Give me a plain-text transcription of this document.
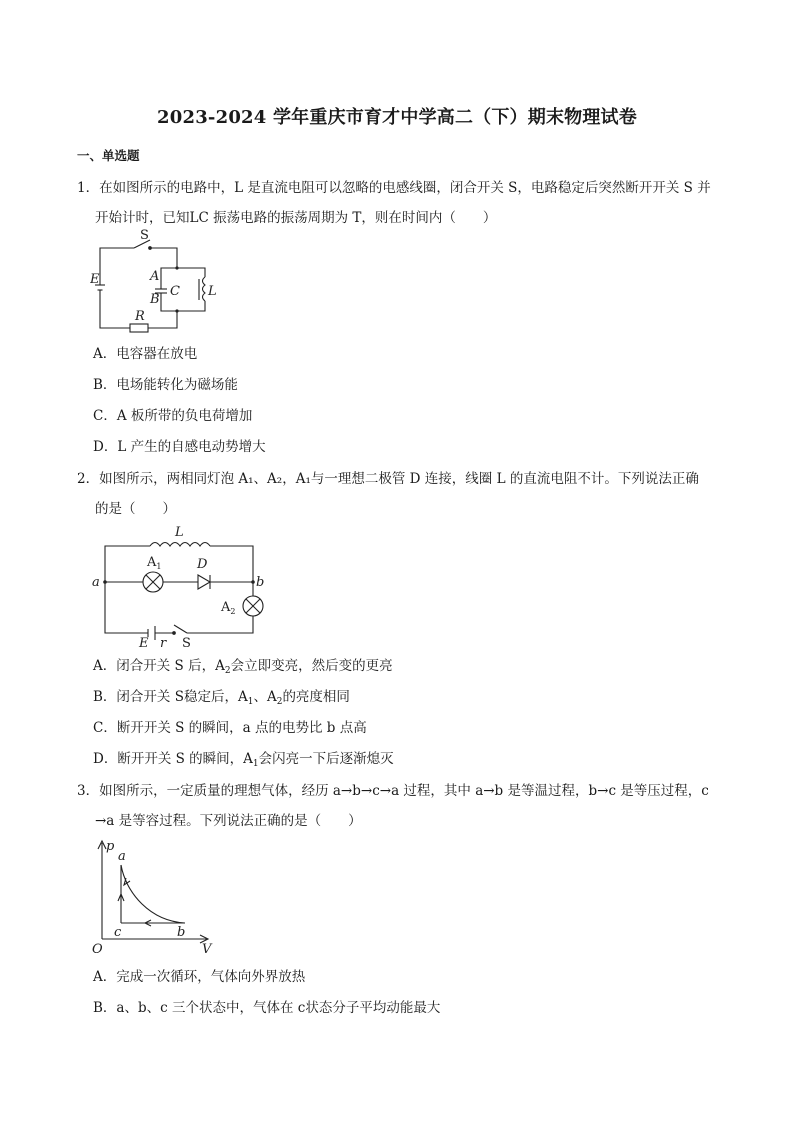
2023-2024 学年重庆市育才中学高二（下）期末物理试卷
一、单选题
1．在如图所示的电路中，L 是直流电阻可以忽略的电感线圈，闭合开关 S，电路稳定后突然断开开关 S 并
开始计时，已知LC 振荡电路的振荡周期为 T，则在时间内（　　）
S
E	A
B
C L
R
A．电容器在放电
B．电场能转化为磁场能
C．A 板所带的负电荷增加
D．L 产生的自感电动势增大
2．如图所示，两相同灯泡 A₁、A₂，A₁与一理想二极管 D 连接，线圈 L 的直流电阻不计。下列说法正确
的是（　　）
L
$A_1$	D
a	b
$A_2$
E r S
A．闭合开关 S 后，$A_2$会立即变亮，然后变的更亮
B．闭合开关 S稳定后，$A_1$、$A_2$的亮度相同
C．断开开关 S 的瞬间，a 点的电势比 b 点高
D．断开开关 S 的瞬间，$A_1$会闪亮一下后逐渐熄灭
3．如图所示，一定质量的理想气体，经历 a→b→c→a 过程，其中 a→b 是等温过程，b→c 是等压过程，c
→a 是等容过程。下列说法正确的是（　　）
p
V
O
a
b
c
A．完成一次循环，气体向外界放热
B．a、b、c 三个状态中，气体在 c状态分子平均动能最大
